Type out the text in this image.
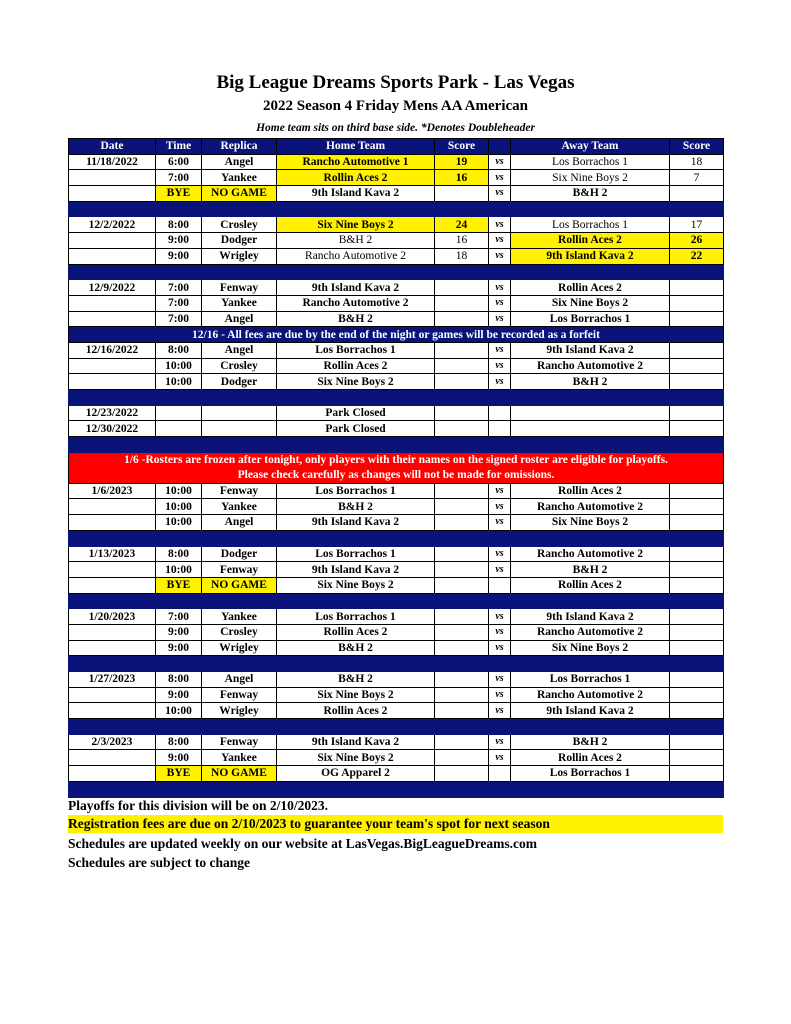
Big League Dreams Sports Park - Las Vegas
2022 Season 4 Friday Mens AA American
Home team sits on third base side. *Denotes Doubleheader
Date	Time	Replica	Home Team	Score		Away Team	Score
11/18/2022	6:00	Angel	Rancho Automotive 1	19	vs	Los Borrachos 1	18
	7:00	Yankee	Rollin Aces 2	16	vs	Six Nine Boys 2	7
	BYE	NO GAME	9th Island Kava 2		vs	B&H 2	

12/2/2022	8:00	Crosley	Six Nine Boys 2	24	vs	Los Borrachos 1	17
	9:00	Dodger	B&H 2	16	vs	Rollin Aces 2	26
	9:00	Wrigley	Rancho Automotive 2	18	vs	9th Island Kava 2	22

12/9/2022	7:00	Fenway	9th Island Kava 2		vs	Rollin Aces 2	
	7:00	Yankee	Rancho Automotive 2		vs	Six Nine Boys 2	
	7:00	Angel	B&H 2		vs	Los Borrachos 1	
12/16 - All fees are due by the end of the night or games will be recorded as a forfeit							
12/16/2022	8:00	Angel	Los Borrachos 1		vs	9th Island Kava 2	
	10:00	Crosley	Rollin Aces 2		vs	Rancho Automotive 2	
	10:00	Dodger	Six Nine Boys 2		vs	B&H 2	

12/23/2022			Park Closed				
12/30/2022			Park Closed				

1/6 -Rosters are frozen after tonight, only players with their names on the signed roster are eligible for playoffs.
Please check carefully as changes will not be made for omissions.							

1/6/2023	10:00	Fenway	Los Borrachos 1		vs	Rollin Aces 2	
	10:00	Yankee	B&H 2		vs	Rancho Automotive 2	
	10:00	Angel	9th Island Kava 2		vs	Six Nine Boys 2	

1/13/2023	8:00	Dodger	Los Borrachos 1		vs	Rancho Automotive 2	
	10:00	Fenway	9th Island Kava 2		vs	B&H 2	
	BYE	NO GAME	Six Nine Boys 2			Rollin Aces 2	

1/20/2023	7:00	Yankee	Los Borrachos 1		vs	9th Island Kava 2	
	9:00	Crosley	Rollin Aces 2		vs	Rancho Automotive 2	
	9:00	Wrigley	B&H 2		vs	Six Nine Boys 2	

1/27/2023	8:00	Angel	B&H 2		vs	Los Borrachos 1	
	9:00	Fenway	Six Nine Boys 2		vs	Rancho Automotive 2	
	10:00	Wrigley	Rollin Aces 2		vs	9th Island Kava 2	

2/3/2023	8:00	Fenway	9th Island Kava 2		vs	B&H 2	
	9:00	Yankee	Six Nine Boys 2		vs	Rollin Aces 2	
	BYE	NO GAME	OG Apparel 2			Los Borrachos 1	

Playoffs for this division will be on 2/10/2023.
Registration fees are due on 2/10/2023 to guarantee your team's spot for next season
Schedules are updated weekly on our website at LasVegas.BigLeagueDreams.com
Schedules are subject to change
